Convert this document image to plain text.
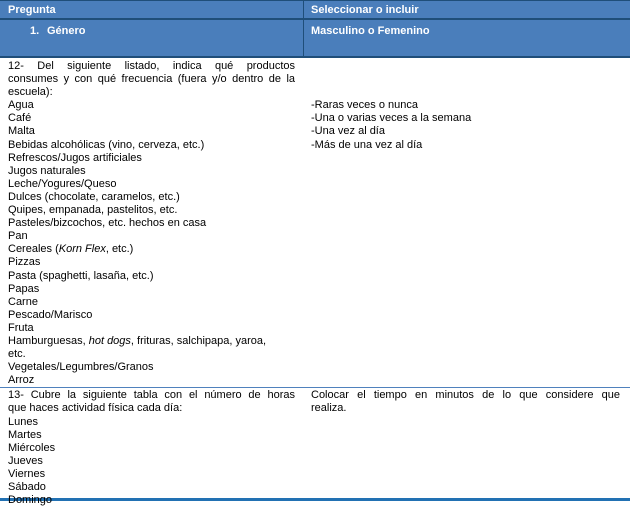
Pregunta	Seleccionar o incluir
1. Género	Masculino o Femenino
12- Del siguiente listado, indica qué productos
consumes y con qué frecuencia (fuera y/o dentro de la
escuela):
Agua
Café
Malta
Bebidas alcohólicas (vino, cerveza, etc.)
Refrescos/Jugos artificiales
Jugos naturales
Leche/Yogures/Queso
Dulces (chocolate, caramelos, etc.)
Quipes, empanada, pastelitos, etc.
Pasteles/bizcochos, etc. hechos en casa
Pan
Cereales (Korn Flex, etc.)
Pizzas
Pasta (spaghetti, lasaña, etc.)
Papas
Carne
Pescado/Marisco
Fruta
Hamburguesas, hot dogs, frituras, salchipapa, yaroa,
etc.
Vegetales/Legumbres/Granos
Arroz
-Raras veces o nunca
-Una o varias veces a la semana
-Una vez al día
-Más de una vez al día
13- Cubre la siguiente tabla con el número de horas
que haces actividad física cada día:
Lunes
Martes
Miércoles
Jueves
Viernes
Sábado
Domingo
Colocar el tiempo en minutos de lo que considere que
realiza.
